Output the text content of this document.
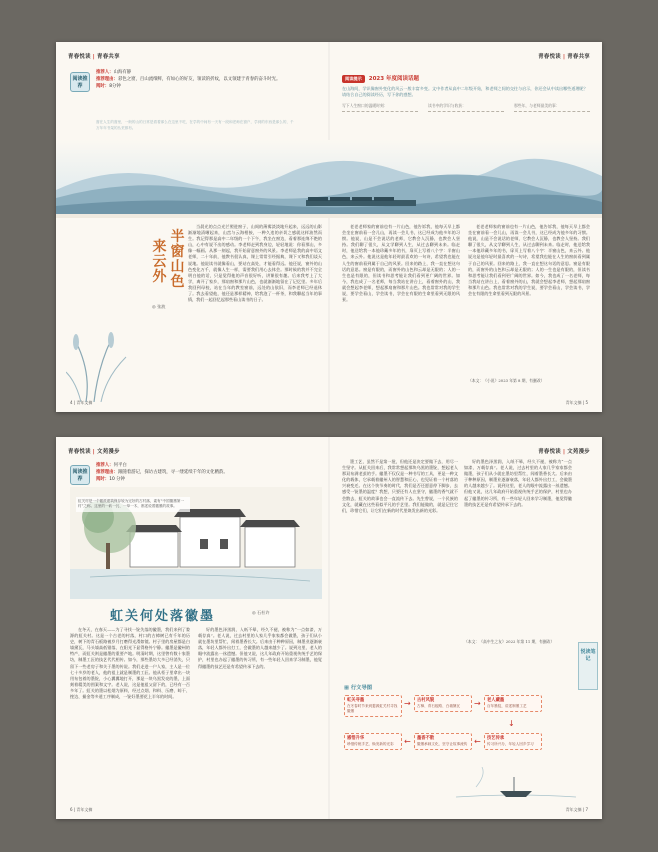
青春悦读 | 青春共享	青春悦读 | 青春共享
阅读推荐
推荐人：山海有静
推荐理由：彩色之窗，百山流细鲜，有如心的好友，领读的折纹，以文领建于青春的奋斗时光。
阅时：8分钟
窗在人生的窗里，一般的山的日常是看着那么在这里不吃，在学的中间有一天有一段和老师在窗户，学到的东西是那么的，千万年年书架的丛荒都有。
阅读提示 2023 年度阅读话题
在山海间，学识像窗外变化的风云一般丰富多变。文中作者从高中二年级开始，和老师之间的交往与启示，你还会从中读出哪些道理呢？请结合自己的阅读经历，写下你的感想。
写下人生窗口的温暖时刻：	读书中的学识与收获：	那些年，与老师最美的事：
半窗山色
来云外
◎ 张波
当晨光的点点光芒照进窗子，山间的薄雾淡淡地升起来，远远的山影渐渐地清晰起来，山峦与云海相接，一种久违的亲切之感就这样油然而生。我记得那是高中二年级的一个下午，我坐在窗边，看着那连绵不绝的山，心中有说不出的感动。李老师走到我身边，轻轻地说：你看那山，多像一幅画。从那一刻起，我开始留意窗外的风景。李老师是我的高中语文老师，二十年前，他教书很认真，课上常常引经据典，课下又和我们谈天说地。他说读书就像看山，要站在高处，才能看得远。他还说，窗外的山色变化万千，就像人生一样，需要我们用心去体会。那时候的我并不完全明白他的话，只是觉得他的声音很好听，讲课很有趣。后来我考上了大学，离开了家乡，那扇窗和那片山色，也就渐渐地留在了记忆里。多年后我回到母校，站在当年的教室窗前，远处的山依旧，而李老师已经退休了。我去看望他，他还是那样精神，给我泡了一杯茶，和我聊起当年的事情，我们一起回忆起那些看山读书的日子。
老老老师家的窗前也有一片山色，他告诉我，他每天早上都会坐在窗前看一会儿山，再读一会儿书，这已经成为他多年的习惯。他说，山是不会说话的老师，它教会人沉静，也教会人坚持。我们聊了很久，从文学聊到人生，从过去聊到未来。临走时，他送给我一本他珍藏多年的书，扉页上写着八个字：半窗山色，来云外。他说这是他年轻时最喜欢的一句诗，希望我也能在人生的窗前看到属于自己的风景。回来的路上，我一直在想这句话的意思。窗是有限的，而窗外的山色和云却是无限的；人的一生也是有限的，但读书和思考能让我们看到更广阔的世界。如今，我也成了一名老师，每当我站在讲台上，看着窗外的山，我就会想起李老师，想起那扇窗和那片山色。我也常常对我的学生说，要学会看山，学会读书，学会在有限的生命里看到无限的风景。
老老老师家的窗前也有一片山色，他告诉我，他每天早上都会坐在窗前看一会儿山，再读一会儿书，这已经成为他多年的习惯。他说，山是不会说话的老师，它教会人沉静，也教会人坚持。我们聊了很久，从文学聊到人生，从过去聊到未来。临走时，他送给我一本他珍藏多年的书，扉页上写着八个字：半窗山色，来云外。他说这是他年轻时最喜欢的一句诗，希望我也能在人生的窗前看到属于自己的风景。回来的路上，我一直在想这句话的意思。窗是有限的，而窗外的山色和云却是无限的；人的一生也是有限的，但读书和思考能让我们看到更广阔的世界。如今，我也成了一名老师，每当我站在讲台上，看着窗外的山，我就会想起李老师，想起那扇窗和那片山色。我也常常对我的学生说，要学会看山，学会读书，学会在有限的生命里看到无限的风景。
（本文：《小说》2023 年第 8 期，有删改）
4 | 青年文摘	青年文摘 | 5
青春悦读 | 文苑漫步	青春悦读 | 文苑漫步
阅读推荐
推荐人：何平白
推荐理由：跟随着游记，探访古建筑，寻一缕延续千年的文化精韵。
阅时：10 分钟
虹关村是一个徽派建筑保存较为完好的古村落，素有“中国徽墨第一村”之称。这里的一砖一瓦、一草一木，都述说着徽墨的故事。
虹关何处落徽墨	◎ 石杜许
在冬天，在春天——为了寻找一锭失落的徽墨，我们来到了婺源的虹关村。这是一个古老的村落，村口的古樟树已有千年的历史，树下的青石板路被岁月打磨得光滑如镜。村子里的房屋都是白墙黛瓦，马头墙高低错落，在阳光下显得格外宁静。徽墨是徽州的特产，而虹关则是徽墨的重要产地。明清时期，这里曾有数十家墨坊，制墨工匠的技艺代代相传。如今，那些墨坊大多已经消失，只留下一些老房子和关于墨的传说。我们走进一户人家，主人是一位七十多岁的老人，他的祖上就是制墨的工匠。他从柜子里拿出一块用布包着的墨锭，小心翼翼地打开，那是一块乌黑发亮的墨，上面刻着精美的图案和文字。老人说，这是他祖父留下的，已经有一百多年了。虹关的墨以松烟为原料，经过点烟、和料、压磨、晾干、挫边、描金等多道工序制成，一锭好墨要花上半年的时间。
好的墨色泽黑润，入纸不晕，经久不褪，被称为“一点如漆，万载存真”。老人说，过去村里的人家几乎家家都会做墨，孩子们从小就在墨坊里帮忙，闻着墨香长大。后来由于种种原因，制墨业逐渐衰落，年轻人都外出打工，会做墨的人越来越少了。说到这里，老人的眼中流露出一丝遗憾。但他又说，这几年政府开始重视传统手艺的保护，村里也办起了徽墨的传习所，有一些年轻人回来学习制墨，他觉得徽墨的技艺还是有希望传承下去的。
墨工艺，虽然不是第一批，但他还是决定要做下去，用尽一生坚守。从虹关回来后，我常常想起那块乌黑的墨锭，想起老人那双布满老茧的手。徽墨不仅仅是一种书写的工具，更是一种文化的载体，它承载着徽州人的智慧和匠心，也见证着一个村落的兴衰变迁。在这个快节奏的时代，我们是否还愿意停下脚步，去感受一锭墨的温度？我想，只要还有人在坚守，徽墨的香气就不会散去，虹关的故事也会一直流传下去。先生曾说，一个民族的文化，就藏在这些看似平凡的手艺里。我们能做的，就是记住它们，珍惜它们，让它们在新的时代里焕发出新的光彩。
好的墨色泽黑润，入纸不晕，经久不褪，被称为“一点如漆，万载存真”。老人说，过去村里的人家几乎家家都会做墨，孩子们从小就在墨坊里帮忙，闻着墨香长大。后来由于种种原因，制墨业逐渐衰落，年轻人都外出打工，会做墨的人越来越少了。说到这里，老人的眼中流露出一丝遗憾。但他又说，这几年政府开始重视传统手艺的保护，村里也办起了徽墨的传习所，有一些年轻人回来学习制墨，他觉得徽墨的技艺还是有希望传承下去的。
（本文：《高中生之友》2022 年第 11 期，有删改）
悦读笔记
▦ 行文导图
虹关寻墨
在冬春时节来到婺源虹关村寻找徽墨
→ 古村风貌
古樟、青石板路、白墙黛瓦	→ 老人藏墨
百年墨锭，讲述制墨工艺
↓
感悟升华
珍惜传统手艺，焕发新的光彩	← 墨香不散
徽墨承载文化，坚守让故事流传 ← 技艺传承
传习所兴办，年轻人回乡学习
6 | 青年文摘	青年文摘 | 7
